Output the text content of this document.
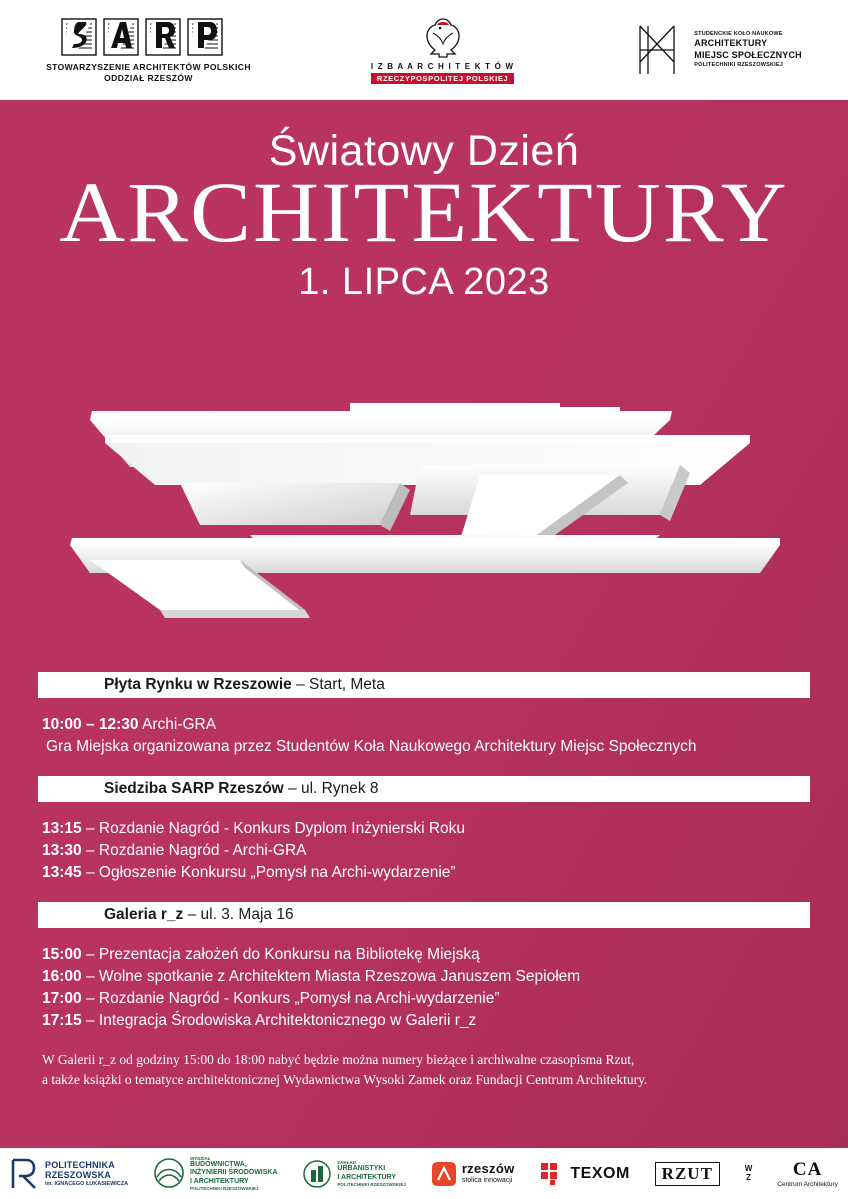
STOWARZYSZENIE ARCHITEKTÓW POLSKICH
ODDZIAŁ RZESZÓW
I Z B A A R C H I T E K T Ó W
RZECZYPOSPOLITEJ POLSKIEJ
STUDENCKIE KOŁO NAUKOWE
ARCHITEKTURY
MIEJSC SPOŁECZNYCH
POLITECHNIKI RZESZOWSKIEJ
Światowy Dzień
ARCHITEKTURY
1. LIPCA 2023
Płyta Rynku w Rzeszowie – Start, Meta
10:00 – 12:30 Archi-GRA
Gra Miejska organizowana przez Studentów Koła Naukowego Architektury Miejsc Społecznych
Siedziba SARP Rzeszów – ul. Rynek 8
13:15 – Rozdanie Nagród - Konkurs Dyplom Inżynierski Roku
13:30 – Rozdanie Nagród - Archi-GRA
13:45 – Ogłoszenie Konkursu „Pomysł na Archi-wydarzenie”
Galeria r_z – ul. 3. Maja 16
15:00 – Prezentacja założeń do Konkursu na Bibliotekę Miejską
16:00 – Wolne spotkanie z Architektem Miasta Rzeszowa Januszem Sepiołem
17:00 – Rozdanie Nagród - Konkurs „Pomysł na Archi-wydarzenie”
17:15 – Integracja Środowiska Architektonicznego w Galerii r_z
W Galerii r_z od godziny 15:00 do 18:00 nabyć będzie można numery bieżące i archiwalne czasopisma Rzut,
a także książki o tematyce architektonicznej Wydawnictwa Wysoki Zamek oraz Fundacji Centrum Architektury.
POLITECHNIKA
RZESZOWSKA
im. IGNACEGO ŁUKASIEWICZA
WYDZIAŁ
BUDOWNICTWA,
INŻYNIERII ŚRODOWISKA
I ARCHITEKTURY
POLITECHNIKI RZESZOWSKIEJ
ZAKŁAD
URBANISTYKI
I ARCHITEKTURY
POLITECHNIKI RZESZOWSKIEJ
rzeszów
stolica innowacji	TEXOM	RZUT	W
Z	CA
Centrum Architektury
